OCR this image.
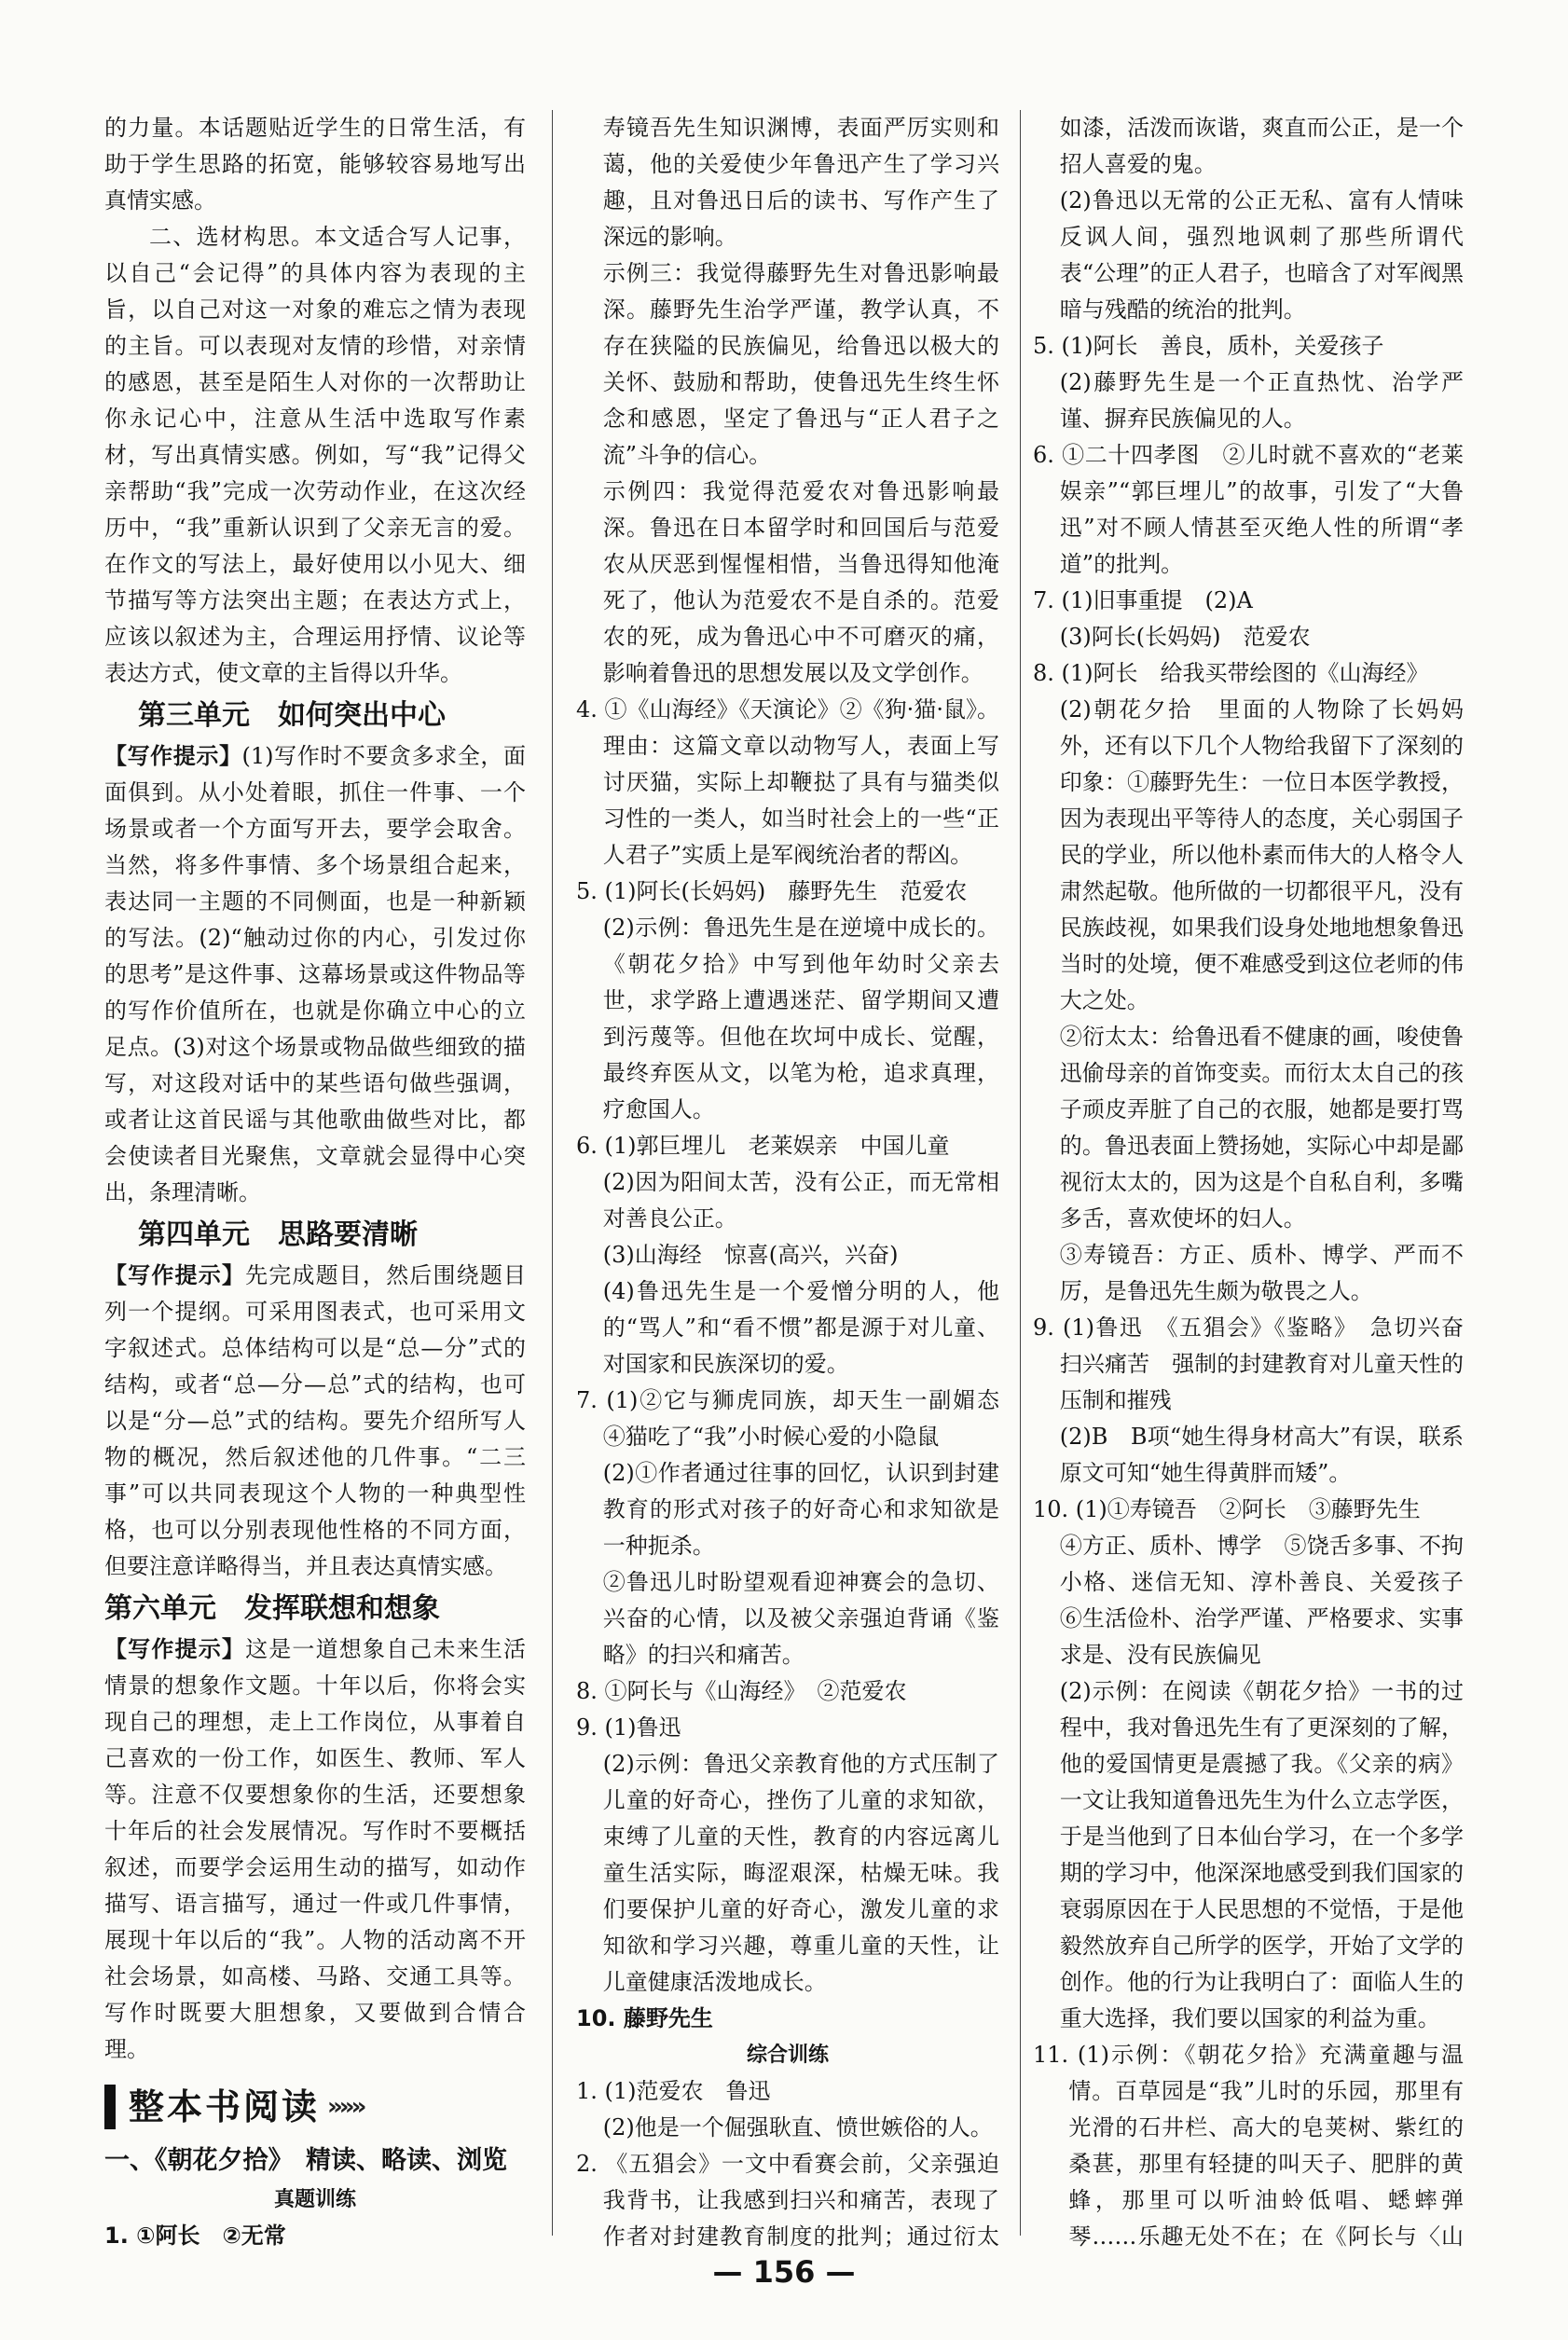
的力量。本话题贴近学生的日常生活，有助于学生思路的拓宽，能够较容易地写出真情实感。

二、选材构思。本文适合写人记事，以自己“会记得”的具体内容为表现的主旨，以自己对这一对象的难忘之情为表现的主旨。可以表现对友情的珍惜，对亲情的感恩，甚至是陌生人对你的一次帮助让你永记心中，注意从生活中选取写作素材，写出真情实感。例如，写“我”记得父亲帮助“我”完成一次劳动作业，在这次经历中，“我”重新认识到了父亲无言的爱。在作文的写法上，最好使用以小见大、细节描写等方法突出主题；在表达方式上，应该以叙述为主，合理运用抒情、议论等表达方式，使文章的主旨得以升华。

第三单元　如何突出中心

【写作提示】(1)写作时不要贪多求全，面面俱到。从小处着眼，抓住一件事、一个场景或者一个方面写开去，要学会取舍。当然，将多件事情、多个场景组合起来，表达同一主题的不同侧面，也是一种新颖的写法。(2)“触动过你的内心，引发过你的思考”是这件事、这幕场景或这件物品等的写作价值所在，也就是你确立中心的立足点。(3)对这个场景或物品做些细致的描写，对这段对话中的某些语句做些强调，或者让这首民谣与其他歌曲做些对比，都会使读者目光聚焦，文章就会显得中心突出，条理清晰。

第四单元　思路要清晰

【写作提示】先完成题目，然后围绕题目列一个提纲。可采用图表式，也可采用文字叙述式。总体结构可以是“总—分”式的结构，或者“总—分—总”式的结构，也可以是“分—总”式的结构。要先介绍所写人物的概况，然后叙述他的几件事。“二三事”可以共同表现这个人物的一种典型性格，也可以分别表现他性格的不同方面，但要注意详略得当，并且表达真情实感。

第六单元　发挥联想和想象

【写作提示】这是一道想象自己未来生活情景的想象作文题。十年以后，你将会实现自己的理想，走上工作岗位，从事着自己喜欢的一份工作，如医生、教师、军人等。注意不仅要想象你的生活，还要想象十年后的社会发展情况。写作时不要概括叙述，而要学会运用生动的描写，如动作描写、语言描写，通过一件或几件事情，展现十年以后的“我”。人物的活动离不开社会场景，如高楼、马路、交通工具等。写作时既要大胆想象，又要做到合情合理。

整本书阅读 »»»
一、《朝花夕拾》　精读、略读、浏览
真题训练

1. ①阿长　②无常

寿镜吾先生知识渊博，表面严厉实则和蔼，他的关爱使少年鲁迅产生了学习兴趣，且对鲁迅日后的读书、写作产生了深远的影响。

示例三：我觉得藤野先生对鲁迅影响最深。藤野先生治学严谨，教学认真，不存在狭隘的民族偏见，给鲁迅以极大的关怀、鼓励和帮助，使鲁迅先生终生怀念和感恩，坚定了鲁迅与“正人君子之流”斗争的信心。

示例四：我觉得范爱农对鲁迅影响最深。鲁迅在日本留学时和回国后与范爱农从厌恶到惺惺相惜，当鲁迅得知他淹死了，他认为范爱农不是自杀的。范爱农的死，成为鲁迅心中不可磨灭的痛，影响着鲁迅的思想发展以及文学创作。

4. ①《山海经》《天演论》②《狗·猫·鼠》。理由：这篇文章以动物写人，表面上写讨厌猫，实际上却鞭挞了具有与猫类似习性的一类人，如当时社会上的一些“正人君子”实质上是军阀统治者的帮凶。

5. (1)阿长(长妈妈)　藤野先生　范爱农

(2)示例：鲁迅先生是在逆境中成长的。《朝花夕拾》中写到他年幼时父亲去世，求学路上遭遇迷茫、留学期间又遭到污蔑等。但他在坎坷中成长、觉醒，最终弃医从文，以笔为枪，追求真理，疗愈国人。

6. (1)郭巨埋儿　老莱娱亲　中国儿童

(2)因为阳间太苦，没有公正，而无常相对善良公正。

(3)山海经　惊喜(高兴，兴奋)

(4)鲁迅先生是一个爱憎分明的人，他的“骂人”和“看不惯”都是源于对儿童、对国家和民族深切的爱。

7. (1)②它与狮虎同族，却天生一副媚态　④猫吃了“我”小时候心爱的小隐鼠

(2)①作者通过往事的回忆，认识到封建教育的形式对孩子的好奇心和求知欲是一种扼杀。

②鲁迅儿时盼望观看迎神赛会的急切、兴奋的心情，以及被父亲强迫背诵《鉴略》的扫兴和痛苦。

8. ①阿长与《山海经》　②范爱农

9. (1)鲁迅

(2)示例：鲁迅父亲教育他的方式压制了儿童的好奇心，挫伤了儿童的求知欲，束缚了儿童的天性，教育的内容远离儿童生活实际，晦涩艰深，枯燥无味。我们要保护儿童的好奇心，激发儿童的求知欲和学习兴趣，尊重儿童的天性，让儿童健康活泼地成长。

10. 藤野先生

综合训练

1. (1)范爱农　鲁迅

(2)他是一个倔强耿直、愤世嫉俗的人。

2. 《五猖会》一文中看赛会前，父亲强迫我背书，让我感到扫兴和痛苦，表现了作者对封建教育制度的批判；通过衍太

如漆，活泼而诙谐，爽直而公正，是一个招人喜爱的鬼。

(2)鲁迅以无常的公正无私、富有人情味反讽人间，强烈地讽刺了那些所谓代表“公理”的正人君子，也暗含了对军阀黑暗与残酷的统治的批判。

5. (1)阿长　善良，质朴，关爱孩子

(2)藤野先生是一个正直热忱、治学严谨、摒弃民族偏见的人。

6. ①二十四孝图　②儿时就不喜欢的“老莱娱亲”“郭巨埋儿”的故事，引发了“大鲁迅”对不顾人情甚至灭绝人性的所谓“孝道”的批判。

7. (1)旧事重提　(2)A

(3)阿长(长妈妈)　范爱农

8. (1)阿长　给我买带绘图的《山海经》

(2)朝花夕拾　里面的人物除了长妈妈外，还有以下几个人物给我留下了深刻的印象：①藤野先生：一位日本医学教授，因为表现出平等待人的态度，关心弱国子民的学业，所以他朴素而伟大的人格令人肃然起敬。他所做的一切都很平凡，没有民族歧视，如果我们设身处地地想象鲁迅当时的处境，便不难感受到这位老师的伟大之处。

②衍太太：给鲁迅看不健康的画，唆使鲁迅偷母亲的首饰变卖。而衍太太自己的孩子顽皮弄脏了自己的衣服，她都是要打骂的。鲁迅表面上赞扬她，实际心中却是鄙视衍太太的，因为这是个自私自利，多嘴多舌，喜欢使坏的妇人。

③寿镜吾：方正、质朴、博学、严而不厉，是鲁迅先生颇为敬畏之人。

9. (1)鲁迅　《五猖会》《鉴略》　急切兴奋　扫兴痛苦　强制的封建教育对儿童天性的压制和摧残

(2)B　B项“她生得身材高大”有误，联系原文可知“她生得黄胖而矮”。

10. (1)①寿镜吾　②阿长　③藤野先生

④方正、质朴、博学　⑤饶舌多事、不拘小格、迷信无知、淳朴善良、关爱孩子　⑥生活俭朴、治学严谨、严格要求、实事求是、没有民族偏见

(2)示例：在阅读《朝花夕拾》一书的过程中，我对鲁迅先生有了更深刻的了解，他的爱国情更是震撼了我。《父亲的病》一文让我知道鲁迅先生为什么立志学医，于是当他到了日本仙台学习，在一个多学期的学习中，他深深地感受到我们国家的衰弱原因在于人民思想的不觉悟，于是他毅然放弃自己所学的医学，开始了文学的创作。他的行为让我明白了：面临人生的重大选择，我们要以国家的利益为重。

11. (1)示例：《朝花夕拾》充满童趣与温情。百草园是“我”儿时的乐园，那里有光滑的石井栏、高大的皂荚树、紫红的桑葚，那里有轻捷的叫天子、肥胖的黄蜂，那里可以听油蛉低唱、蟋蟀弹琴……乐趣无处不在；在《阿长与〈山

— 156 —
